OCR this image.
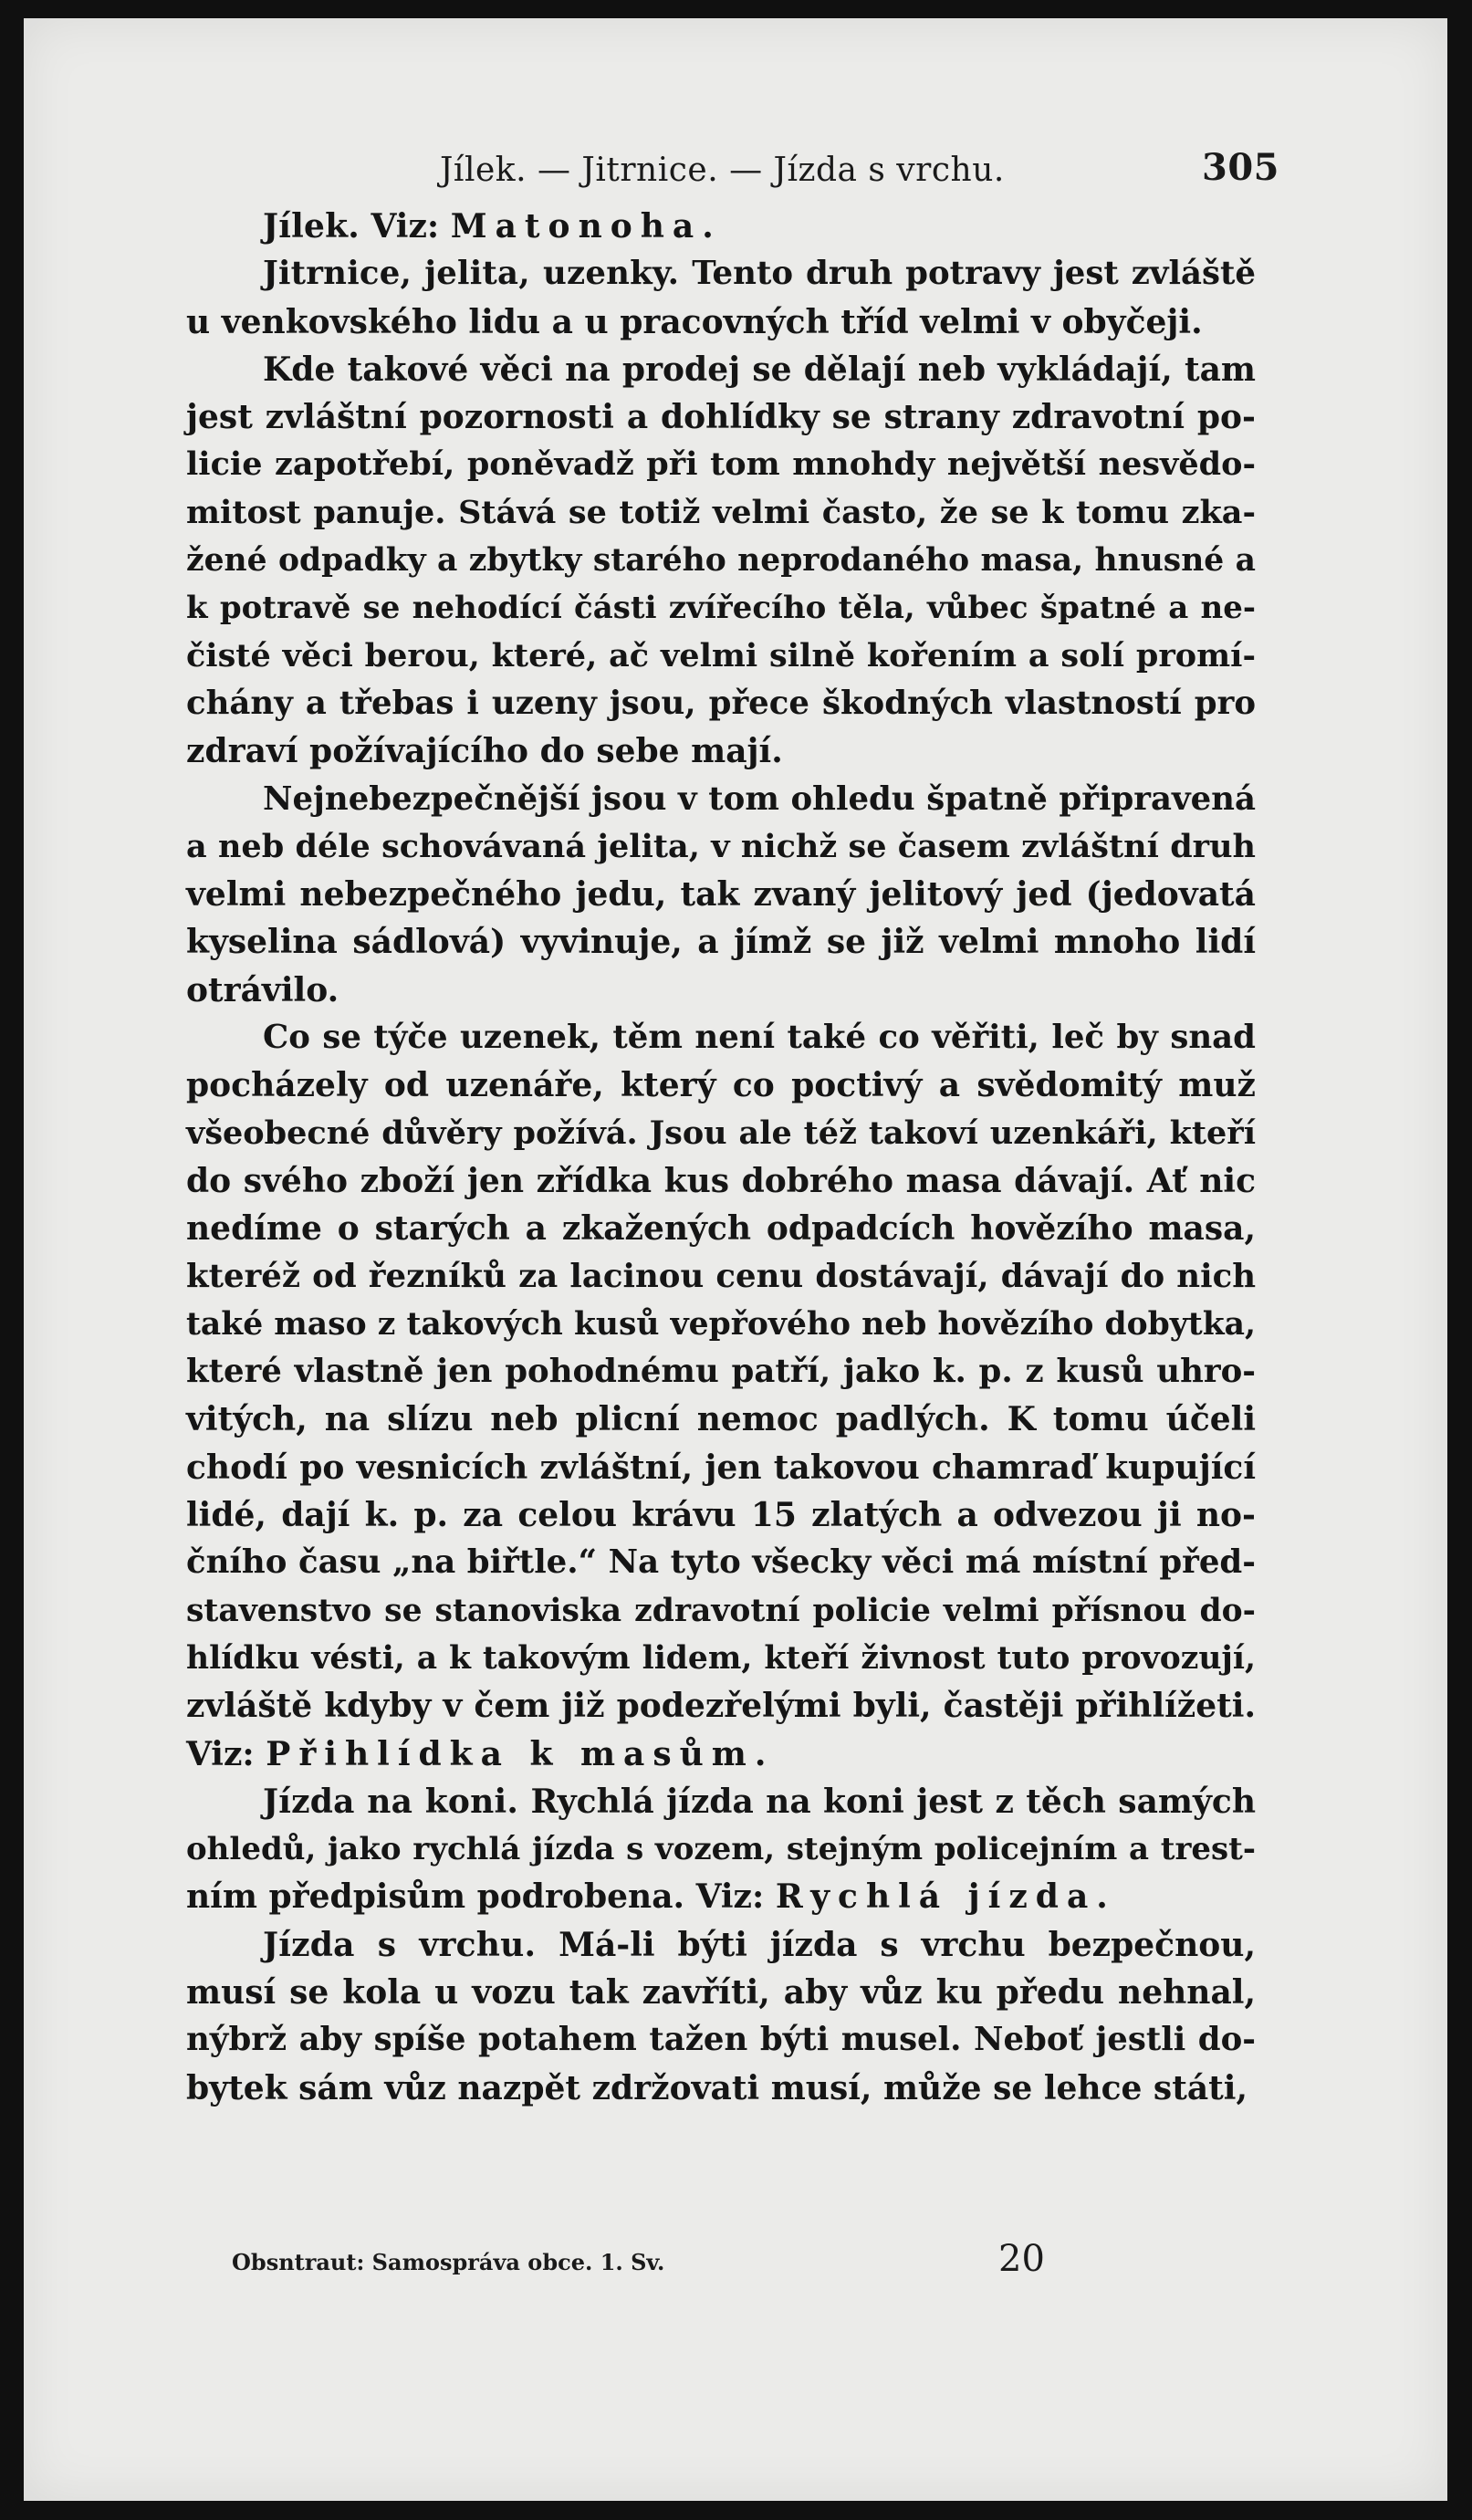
Jílek. — Jitrnice. — Jízda s vrchu.	305
Jílek. Viz: Matonoha.
Jitrnice, jelita, uzenky. Tento druh potravy jest zvláště
u venkovského lidu a u pracovných tříd velmi v obyčeji.
Kde takové věci na prodej se dělají neb vykládají, tam
jest zvláštní pozornosti a dohlídky se strany zdravotní po-
licie zapotřebí, poněvadž při tom mnohdy největší nesvědo-
mitost panuje. Stává se totiž velmi často, že se k tomu zka-
žené odpadky a zbytky starého neprodaného masa, hnusné a
k potravě se nehodící části zvířecího těla, vůbec špatné a ne-
čisté věci berou, které, ač velmi silně kořením a solí promí-
chány a třebas i uzeny jsou, přece škodných vlastností pro
zdraví požívajícího do sebe mají.
Nejnebezpečnější jsou v tom ohledu špatně připravená
a neb déle schovávaná jelita, v nichž se časem zvláštní druh
velmi nebezpečného jedu, tak zvaný jelitový jed (jedovatá
kyselina sádlová) vyvinuje, a jímž se již velmi mnoho lidí
otrávilo.
Co se týče uzenek, těm není také co věřiti, leč by snad
pocházely od uzenáře, který co poctivý a svědomitý muž
všeobecné důvěry požívá. Jsou ale též takoví uzenkáři, kteří
do svého zboží jen zřídka kus dobrého masa dávají. Ať nic
nedíme o starých a zkažených odpadcích hovězího masa,
kteréž od řezníků za lacinou cenu dostávají, dávají do nich
také maso z takových kusů vepřového neb hovězího dobytka,
které vlastně jen pohodnému patří, jako k. p. z kusů uhro-
vitých, na slízu neb plicní nemoc padlých. K tomu účeli
chodí po vesnicích zvláštní, jen takovou chamraď kupující
lidé, dají k. p. za celou krávu 15 zlatých a odvezou ji no-
čního času „na biřtle.“ Na tyto všecky věci má místní před-
stavenstvo se stanoviska zdravotní policie velmi přísnou do-
hlídku vésti, a k takovým lidem, kteří živnost tuto provozují,
zvláště kdyby v čem již podezřelými byli, častěji přihlížeti.
Viz: Přihlídka k masům.
Jízda na koni. Rychlá jízda na koni jest z těch samých
ohledů, jako rychlá jízda s vozem, stejným policejním a trest-
ním předpisům podrobena. Viz: Rychlá jízda.
Jízda s vrchu. Má-li býti jízda s vrchu bezpečnou,
musí se kola u vozu tak zavříti, aby vůz ku předu nehnal,
nýbrž aby spíše potahem tažen býti musel. Neboť jestli do-
bytek sám vůz nazpět zdržovati musí, může se lehce státi,
Obsntraut: Samospráva obce. 1. Sv.	20
